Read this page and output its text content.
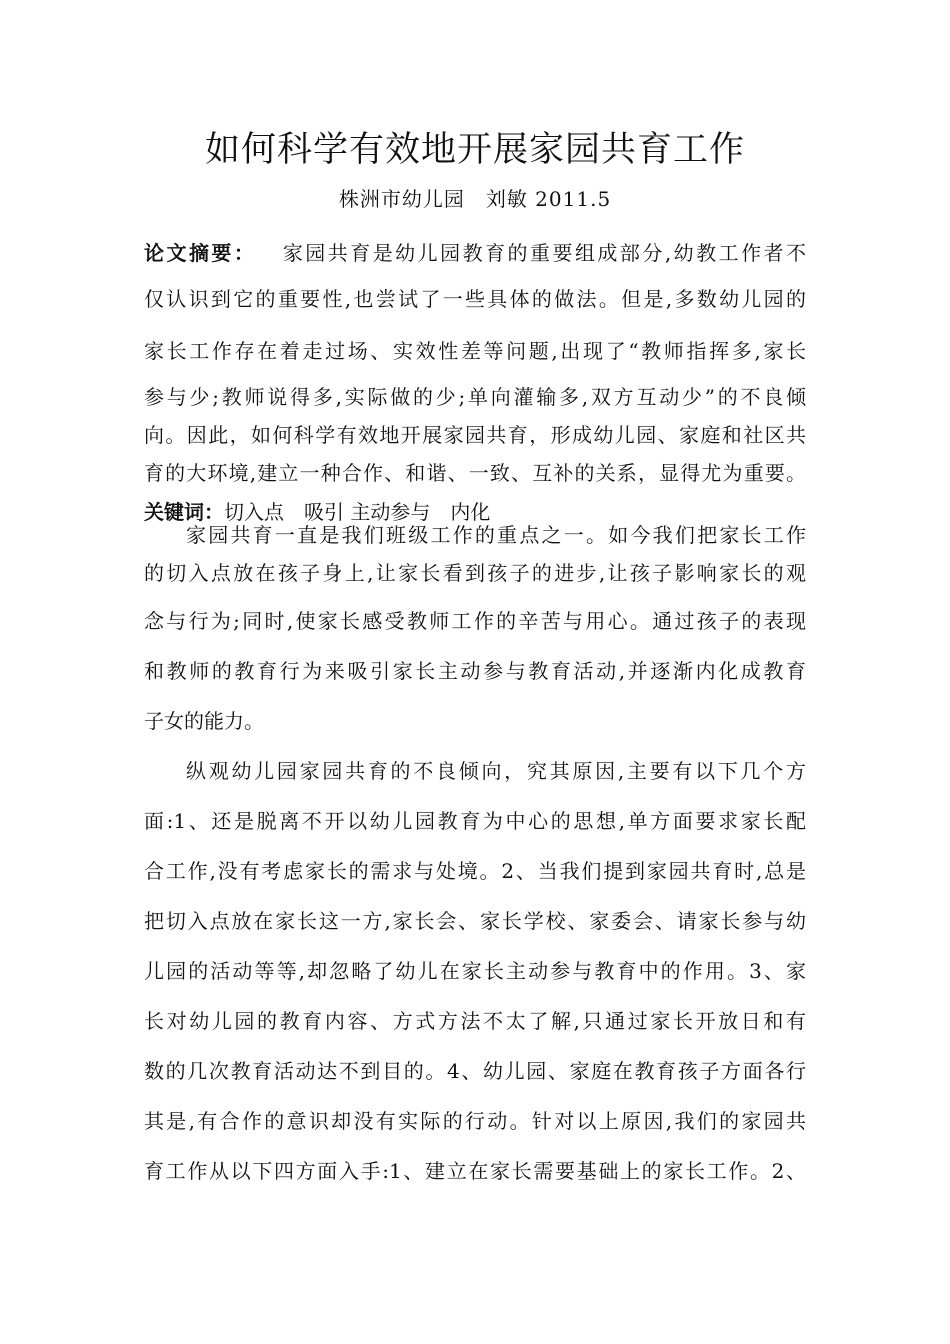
如何科学有效地开展家园共育工作
株洲市幼儿园　刘敏 2011.5
论文摘要： 家园共育是幼儿园教育的重要组成部分,幼教工作者不
仅认识到它的重要性,也尝试了一些具体的做法。但是,多数幼儿园的
家长工作存在着走过场、实效性差等问题,出现了“教师指挥多,家长
参与少;教师说得多,实际做的少;单向灌输多,双方互动少”的不良倾
向。因此，如何科学有效地开展家园共育，形成幼儿园、家庭和社区共
育的大环境,建立一种合作、和谐、一致、互补的关系，显得尤为重要。
关键词：切入点　吸引 主动参与　内化
家园共育一直是我们班级工作的重点之一。如今我们把家长工作
的切入点放在孩子身上,让家长看到孩子的进步,让孩子影响家长的观
念与行为;同时,使家长感受教师工作的辛苦与用心。通过孩子的表现
和教师的教育行为来吸引家长主动参与教育活动,并逐渐内化成教育
子女的能力。
纵观幼儿园家园共育的不良倾向，究其原因,主要有以下几个方
面:1、还是脱离不开以幼儿园教育为中心的思想,单方面要求家长配
合工作,没有考虑家长的需求与处境。2、当我们提到家园共育时,总是
把切入点放在家长这一方,家长会、家长学校、家委会、请家长参与幼
儿园的活动等等,却忽略了幼儿在家长主动参与教育中的作用。3、家
长对幼儿园的教育内容、方式方法不太了解,只通过家长开放日和有
数的几次教育活动达不到目的。4、幼儿园、家庭在教育孩子方面各行
其是,有合作的意识却没有实际的行动。针对以上原因,我们的家园共
育工作从以下四方面入手:1、建立在家长需要基础上的家长工作。2、
